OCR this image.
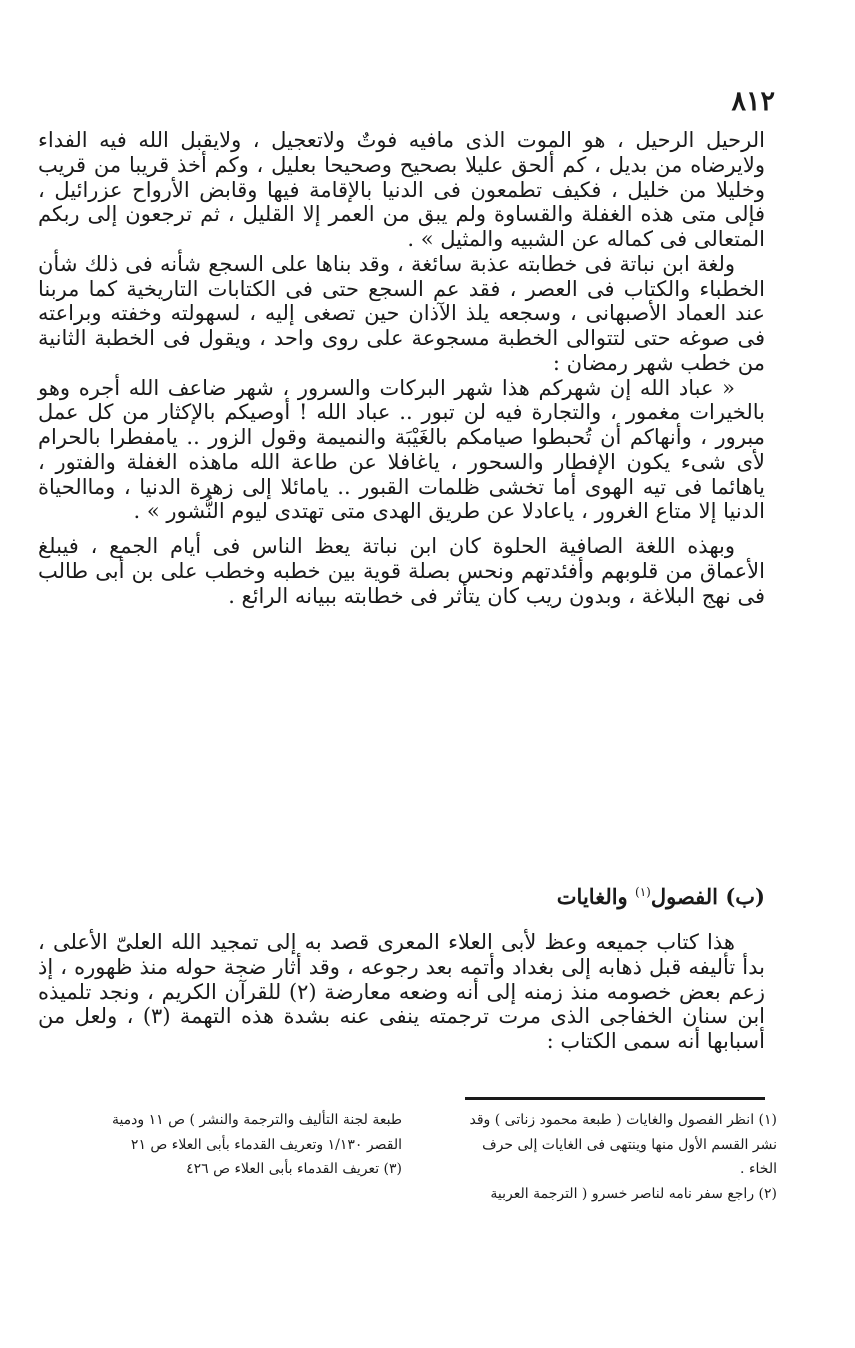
٨١٢

الرحيل الرحيل ، هو الموت الذى مافيه فوتٌ ولاتعجيل ، ولايقبل الله فيه الفداء ولايرضاه من بديل ، كم ألحق عليلا بصحيح وصحيحا بعليل ، وكم أخذ قريبا من قريب وخليلا من خليل ، فكيف تطمعون فى الدنيا بالإقامة فيها وقابض الأرواح عزرائيل ، فإلى متى هذه الغفلة والقساوة ولم يبق من العمر إلا القليل ، ثم ترجعون إلى ربكم المتعالى فى كماله عن الشبيه والمثيل » .

ولغة ابن نباتة فى خطابته عذبة سائغة ، وقد بناها على السجع شأنه فى ذلك شأن الخطباء والكتاب فى العصر ، فقد عم السجع حتى فى الكتابات التاريخية كما مربنا عند العماد الأصبهانى ، وسجعه يلذ الآذان حين تصغى إليه ، لسهولته وخفته وبراعته فى صوغه حتى لتتوالى الخطبة مسجوعة على روى واحد ، ويقول فى الخطبة الثانية من خطب شهر رمضان :

« عباد الله إن شهركم هذا شهر البركات والسرور ، شهر ضاعف الله أجره وهو بالخيرات مغمور ، والتجارة فيه لن تبور .. عباد الله ! أوصيكم بالإكثار من كل عمل مبرور ، وأنهاكم أن تُحبطوا صيامكم بالغَيْبَة والنميمة وقول الزور .. يامفطرا بالحرام لأى شىء يكون الإفطار والسحور ، ياغافلا عن طاعة الله ماهذه الغفلة والفتور ، ياهائما فى تيه الهوى أما تخشى ظلمات القبور .. يامائلا إلى زهرة الدنيا ، وماالحياة الدنيا إلا متاع الغرور ، ياعادلا عن طريق الهدى متى تهتدى ليوم النُّشور » .

وبهذه اللغة الصافية الحلوة كان ابن نباتة يعظ الناس فى أيام الجمع ، فيبلغ الأعماق من قلوبهم وأفئدتهم ونحس بصلة قوية بين خطبه وخطب على بن أبى طالب فى نهج البلاغة ، وبدون ريب كان يتأثر فى خطابته ببيانه الرائع .

(ب) الفصول$^{(١)}$ والغايات

هذا كتاب جميعه وعظ لأبى العلاء المعرى قصد به إلى تمجيد الله العلىّ الأعلى ، بدأ تأليفه قبل ذهابه إلى بغداد وأتمه بعد رجوعه ، وقد أثار ضجة حوله منذ ظهوره ، إذ زعم بعض خصومه منذ زمنه إلى أنه وضعه معارضة (٢) للقرآن الكريم ، ونجد تلميذه ابن سنان الخفاجى الذى مرت ترجمته ينفى عنه بشدة هذه التهمة (٣) ، ولعل من أسبابها أنه سمى الكتاب :

(١) انظر الفصول والغايات ( طبعة محمود زناتى ) وقد
نشر القسم الأول منها وينتهى فى الغايات إلى حرف
الخاء .
(٢) راجع سفر نامه لناصر خسرو ( الترجمة العربية
طبعة لجنة التأليف والترجمة والنشر ) ص ١١ ودمية
القصر ١/١٣٠ وتعريف القدماء بأبى العلاء ص ٢١
(٣) تعريف القدماء بأبى العلاء ص ٤٢٦
